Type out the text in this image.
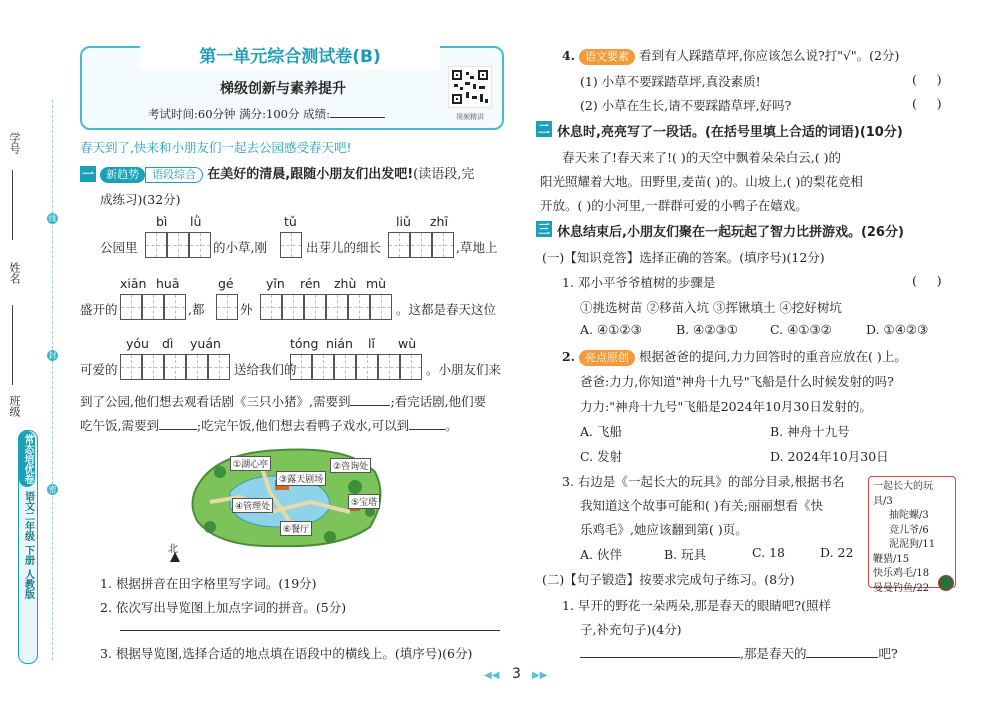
学号
姓名
班级
线
封
密
常态培优卷
语文二年级
下册
人教版
第一单元综合测试卷(B)
梯级创新与素养提升
考试时间:60分钟 满分:100分 成绩:	视频精讲
春天到了,快来和小朋友们一起去公园感受春天吧!
一 新趋势 语段综合 在美好的清晨,跟随小朋友们出发吧!(读语段,完
成练习)(32分)
bì lǜ	tǔ	liǔ zhī
公园里	的小草,刚	出芽儿的细长	,草地上
xiān huā	gé	yǐn rén zhù mù
盛开的	,都	外	。这都是春天这位
yóu dì yuán	tóng nián lǐ wù
可爱的	送给我们的	。小朋友们来
到了公园,他们想去观看话剧《三只小猪》,需要到	;看完话剧,他们要
吃午饭,需要到	;吃完午饭,他们想去看鸭子戏水,可以到	。
①湖心亭	②咨询处
③露天剧场
④管理处	⑤宝塔
⑥餐厅
北
1. 根据拼音在田字格里写字词。(19分)
2. 依次写出导览图上加点字词的拼音。(5分)
3. 根据导览图,选择合适的地点填在语段中的横线上。(填序号)(6分)
4. 语文要素 看到有人踩踏草坪,你应该怎么说?打"√"。(2分)
(1) 小草不要踩踏草坪,真没素质!	(     )
(2) 小草在生长,请不要踩踏草坪,好吗?	(     )
二 休息时,亮亮写了一段话。(在括号里填上合适的词语)(10分)
春天来了!春天来了!( )的天空中飘着朵朵白云,( )的
阳光照耀着大地。田野里,麦苗( )的。山坡上,( )的梨花竞相
开放。( )的小河里,一群群可爱的小鸭子在嬉戏。
三 休息结束后,小朋友们聚在一起玩起了智力比拼游戏。(26分)
(一)【知识竞答】选择正确的答案。(填序号)(12分)
1. 邓小平爷爷植树的步骤是	(     )
①挑选树苗 ②移苗入坑 ③挥锹填土 ④挖好树坑
A. ④①②③	B. ④②③①	C. ④①③②	D. ①④②③
2. 亮点原创 根据爸爸的提问,力力回答时的重音应放在( )上。
爸爸:力力,你知道"神舟十九号"飞船是什么时候发射的吗?
力力:"神舟十九号"飞船是2024年10月30日发射的。
A. 飞船	B. 神舟十九号
C. 发射	D. 2024年10月30日
3. 右边是《一起长大的玩具》的部分目录,根据书名
我知道这个故事可能和( )有关;丽丽想看《快
乐鸡毛》,她应该翻到第( )页。
A. 伙伴	B. 玩具	C. 18	D. 22
一起长大的玩具/3
抽陀螺/3
竞儿爷/6
泥泥狗/11
鞭猎/15
快乐鸡毛/18
曼曼钓鱼/22
(二)【句子锻造】按要求完成句子练习。(8分)
1. 早开的野花一朵两朵,那是春天的眼睛吧?(照样
子,补充句子)(4分)
,那是春天的	吧?
◀◀ 3 ▶▶
